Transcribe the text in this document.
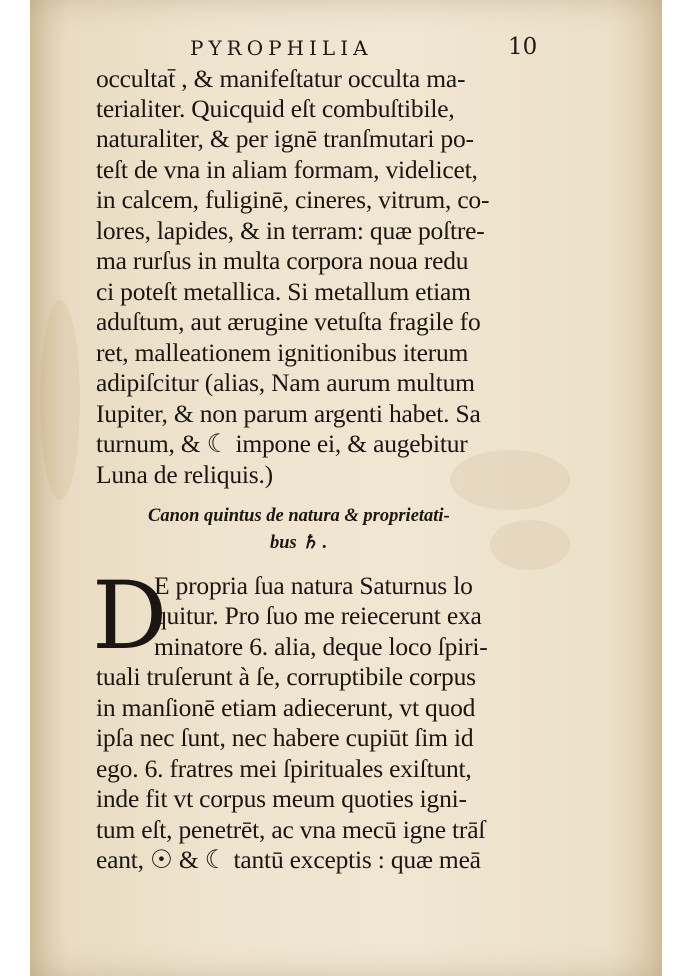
PYROPHILIA	10
occultat̄ , & manifeſtatur occulta ma-
terialiter. Quicquid eſt combuſtibile,
naturaliter, & per ignē tranſmutari po-
teſt de vna in aliam formam, videlicet,
in calcem, fuliginē, cineres, vitrum, co-
lores, lapides, & in terram: quæ poſtre-
ma rurſus in multa corpora noua redu
ci poteſt metallica. Si metallum etiam
aduſtum, aut ærugine vetuſta fragile fo
ret, malleationem ignitionibus iterum
adipiſcitur (alias, Nam aurum multum
Iupiter, & non parum argenti habet. Sa
turnum, & ☾ impone ei, & augebitur
Luna de reliquis.)
Canon quintus de natura & proprietati-
bus ♄ .
D
E propria ſua natura Saturnus lo
quitur. Pro ſuo me reiecerunt exa
minatore 6. alia, deque loco ſpiri-
tuali truſerunt à ſe, corruptibile corpus
in manſionē etiam adiecerunt, vt quod
ipſa nec ſunt, nec habere cupiūt ſim id
ego. 6. fratres mei ſpirituales exiſtunt,
inde fit vt corpus meum quoties igni-
tum eſt, penetrēt, ac vna mecū igne trāſ
eant, ☉ & ☾ tantū exceptis : quæ meā
